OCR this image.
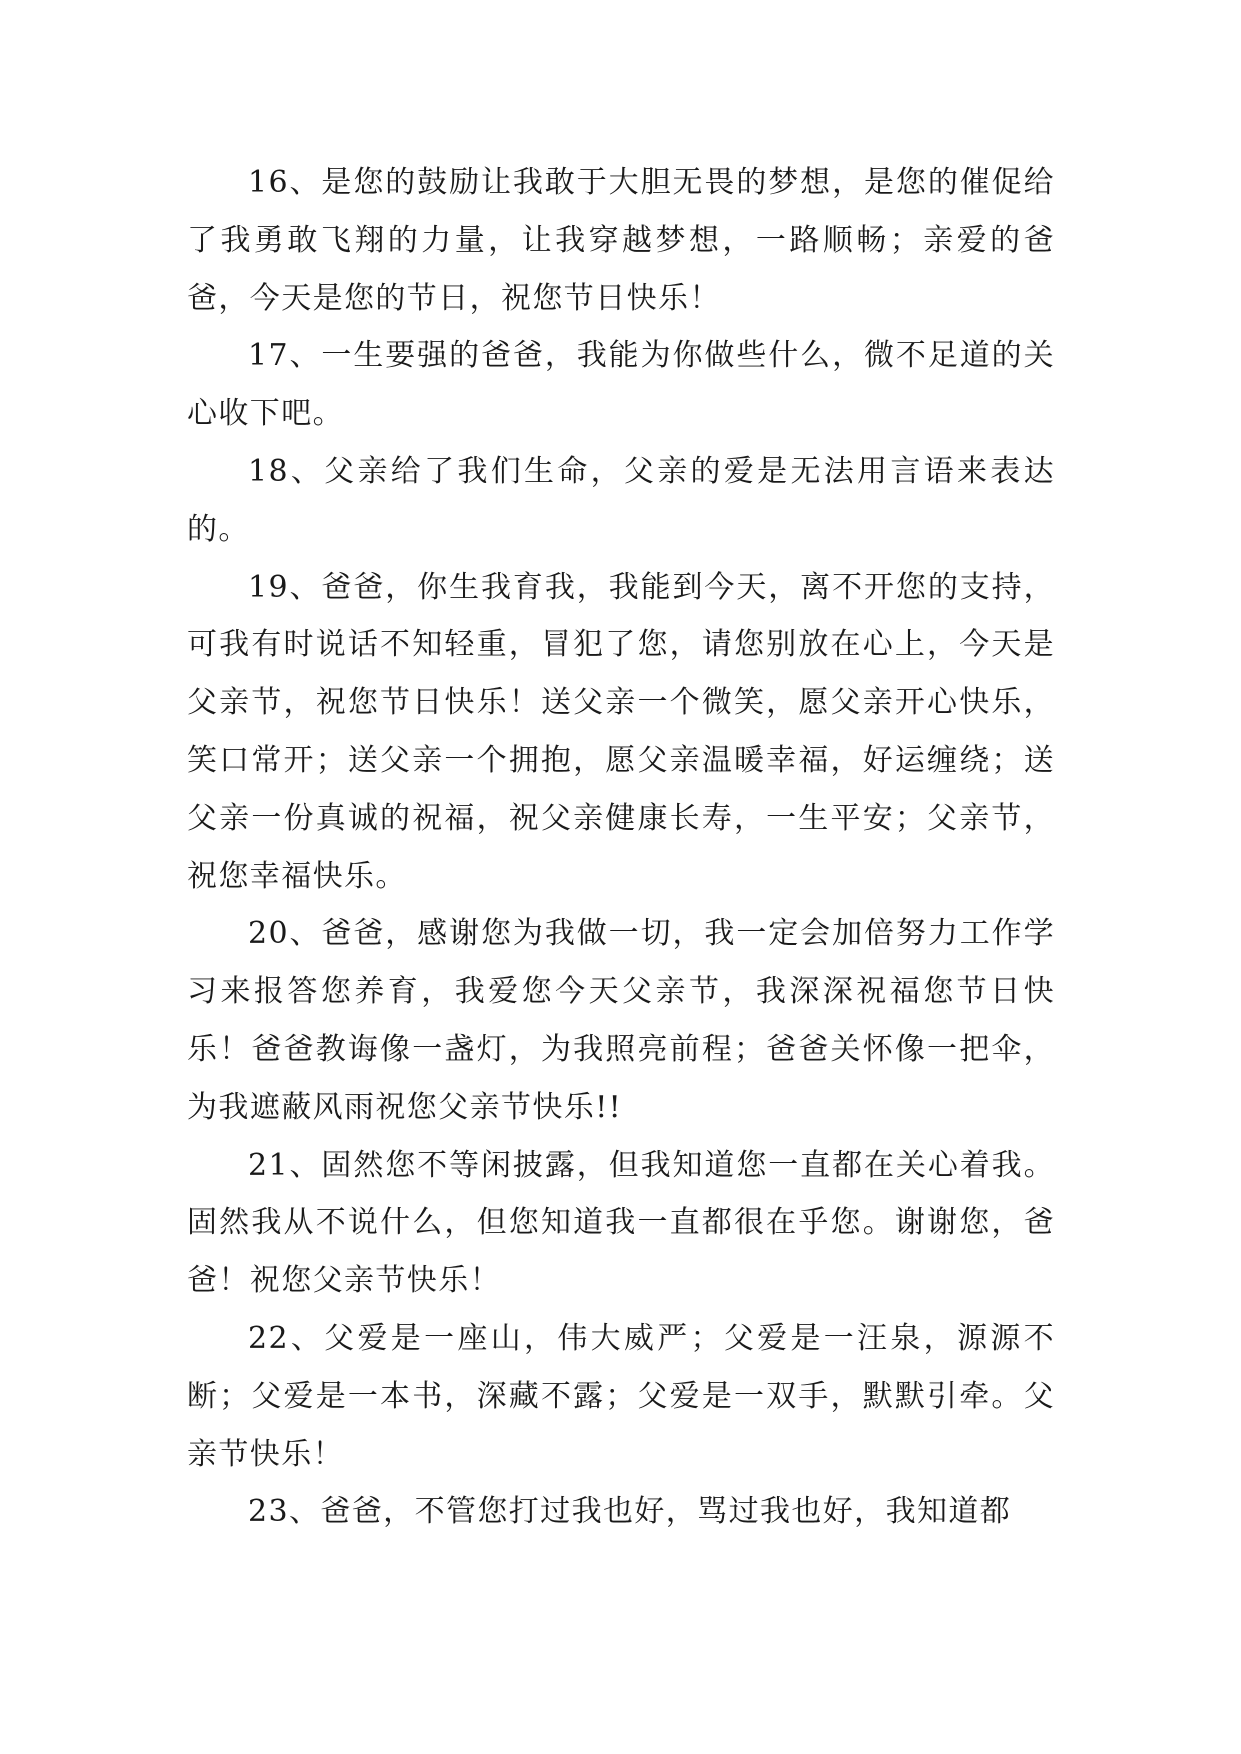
16、是您的鼓励让我敢于大胆无畏的梦想，是您的催促给了我勇敢飞翔的力量，让我穿越梦想，一路顺畅；亲爱的爸爸，今天是您的节日，祝您节日快乐！

17、一生要强的爸爸，我能为你做些什么，微不足道的关心收下吧。

18、父亲给了我们生命，父亲的爱是无法用言语来表达的。

19、爸爸，你生我育我，我能到今天，离不开您的支持，可我有时说话不知轻重，冒犯了您，请您别放在心上，今天是父亲节，祝您节日快乐！送父亲一个微笑，愿父亲开心快乐，笑口常开；送父亲一个拥抱，愿父亲温暖幸福，好运缠绕；送父亲一份真诚的祝福，祝父亲健康长寿，一生平安；父亲节，祝您幸福快乐。

20、爸爸，感谢您为我做一切，我一定会加倍努力工作学习来报答您养育，我爱您今天父亲节，我深深祝福您节日快乐！爸爸教诲像一盏灯，为我照亮前程；爸爸关怀像一把伞，为我遮蔽风雨祝您父亲节快乐!!

21、固然您不等闲披露，但我知道您一直都在关心着我。固然我从不说什么，但您知道我一直都很在乎您。谢谢您，爸爸！祝您父亲节快乐！

22、父爱是一座山，伟大威严；父爱是一汪泉，源源不断；父爱是一本书，深藏不露；父爱是一双手，默默引牵。父亲节快乐！

23、爸爸，不管您打过我也好，骂过我也好，我知道都
